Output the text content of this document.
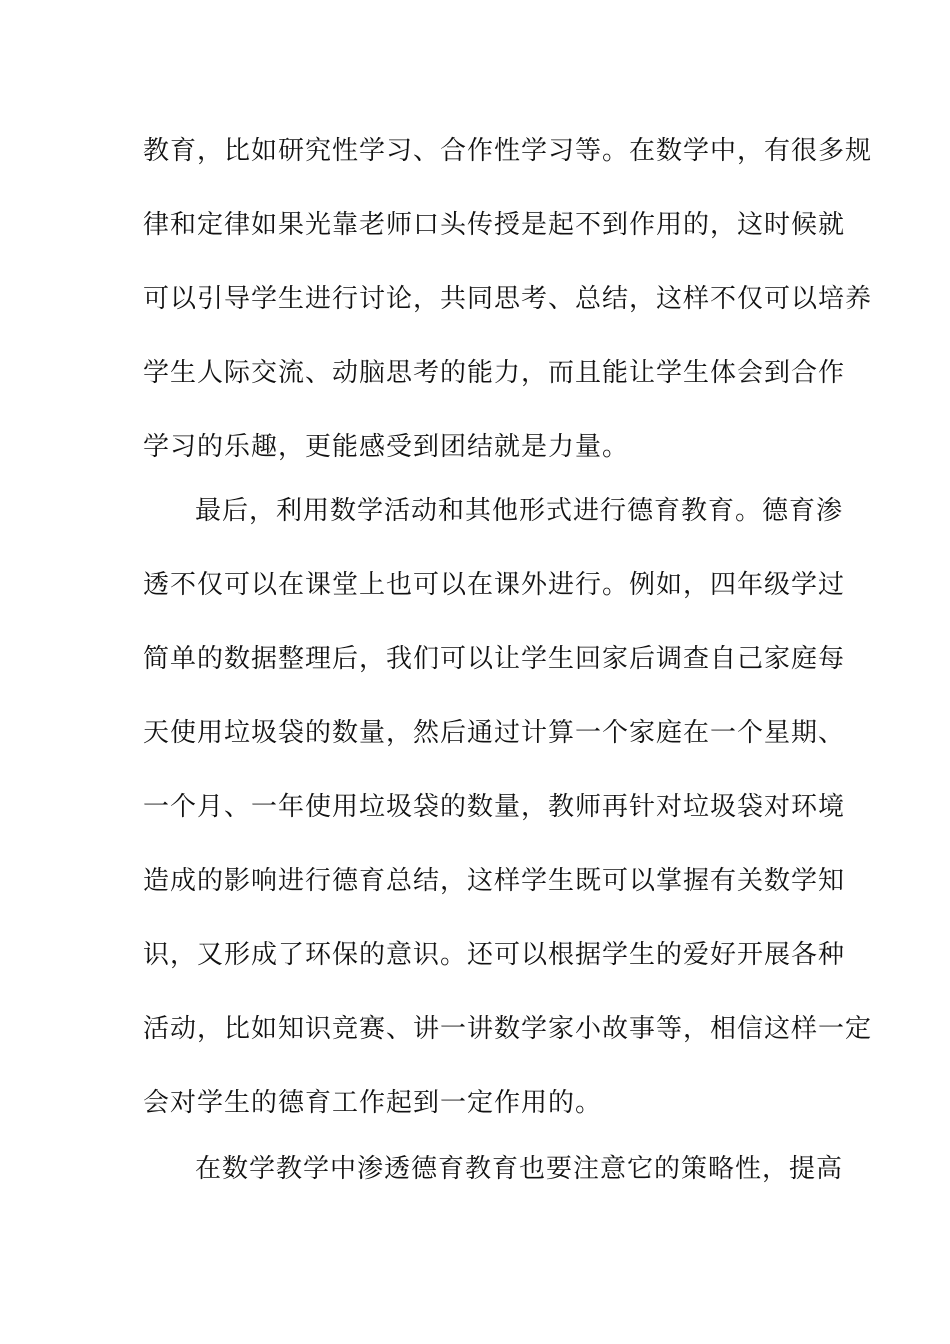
教育，比如研究性学习、合作性学习等。在数学中，有很多规
律和定律如果光靠老师口头传授是起不到作用的，这时候就
可以引导学生进行讨论，共同思考、总结，这样不仅可以培养
学生人际交流、动脑思考的能力，而且能让学生体会到合作
学习的乐趣，更能感受到团结就是力量。
最后，利用数学活动和其他形式进行德育教育。德育渗
透不仅可以在课堂上也可以在课外进行。例如，四年级学过
简单的数据整理后，我们可以让学生回家后调查自己家庭每
天使用垃圾袋的数量，然后通过计算一个家庭在一个星期、
一个月、一年使用垃圾袋的数量，教师再针对垃圾袋对环境
造成的影响进行德育总结，这样学生既可以掌握有关数学知
识，又形成了环保的意识。还可以根据学生的爱好开展各种
活动，比如知识竞赛、讲一讲数学家小故事等，相信这样一定
会对学生的德育工作起到一定作用的。
在数学教学中渗透德育教育也要注意它的策略性，提高
